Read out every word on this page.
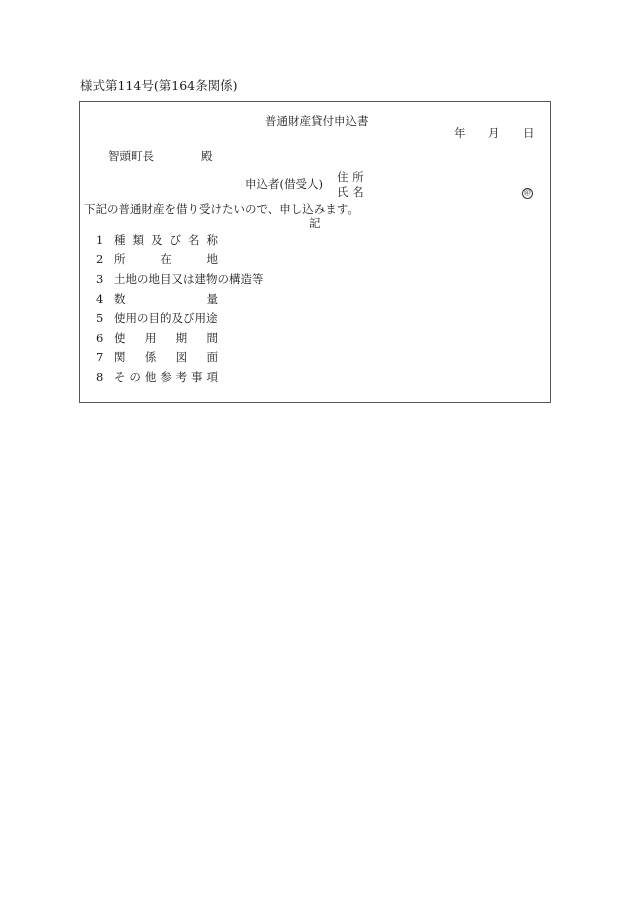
様式第114号(第164条関係)
普通財産貸付申込書
年 月 日
智頭町長	殿
申込者(借受人) 住 所
氏 名	㊞
下記の普通財産を借り受けたいので、申し込みます。
記
1 種 類 及 び 名 称
2 所	在	地
3 土地の地目又は建物の構造等
4 数	量
5 使用の目的及び用途
6 使 用 期 間
7 関 係 図 面
8 そ の 他 参 考 事 項
